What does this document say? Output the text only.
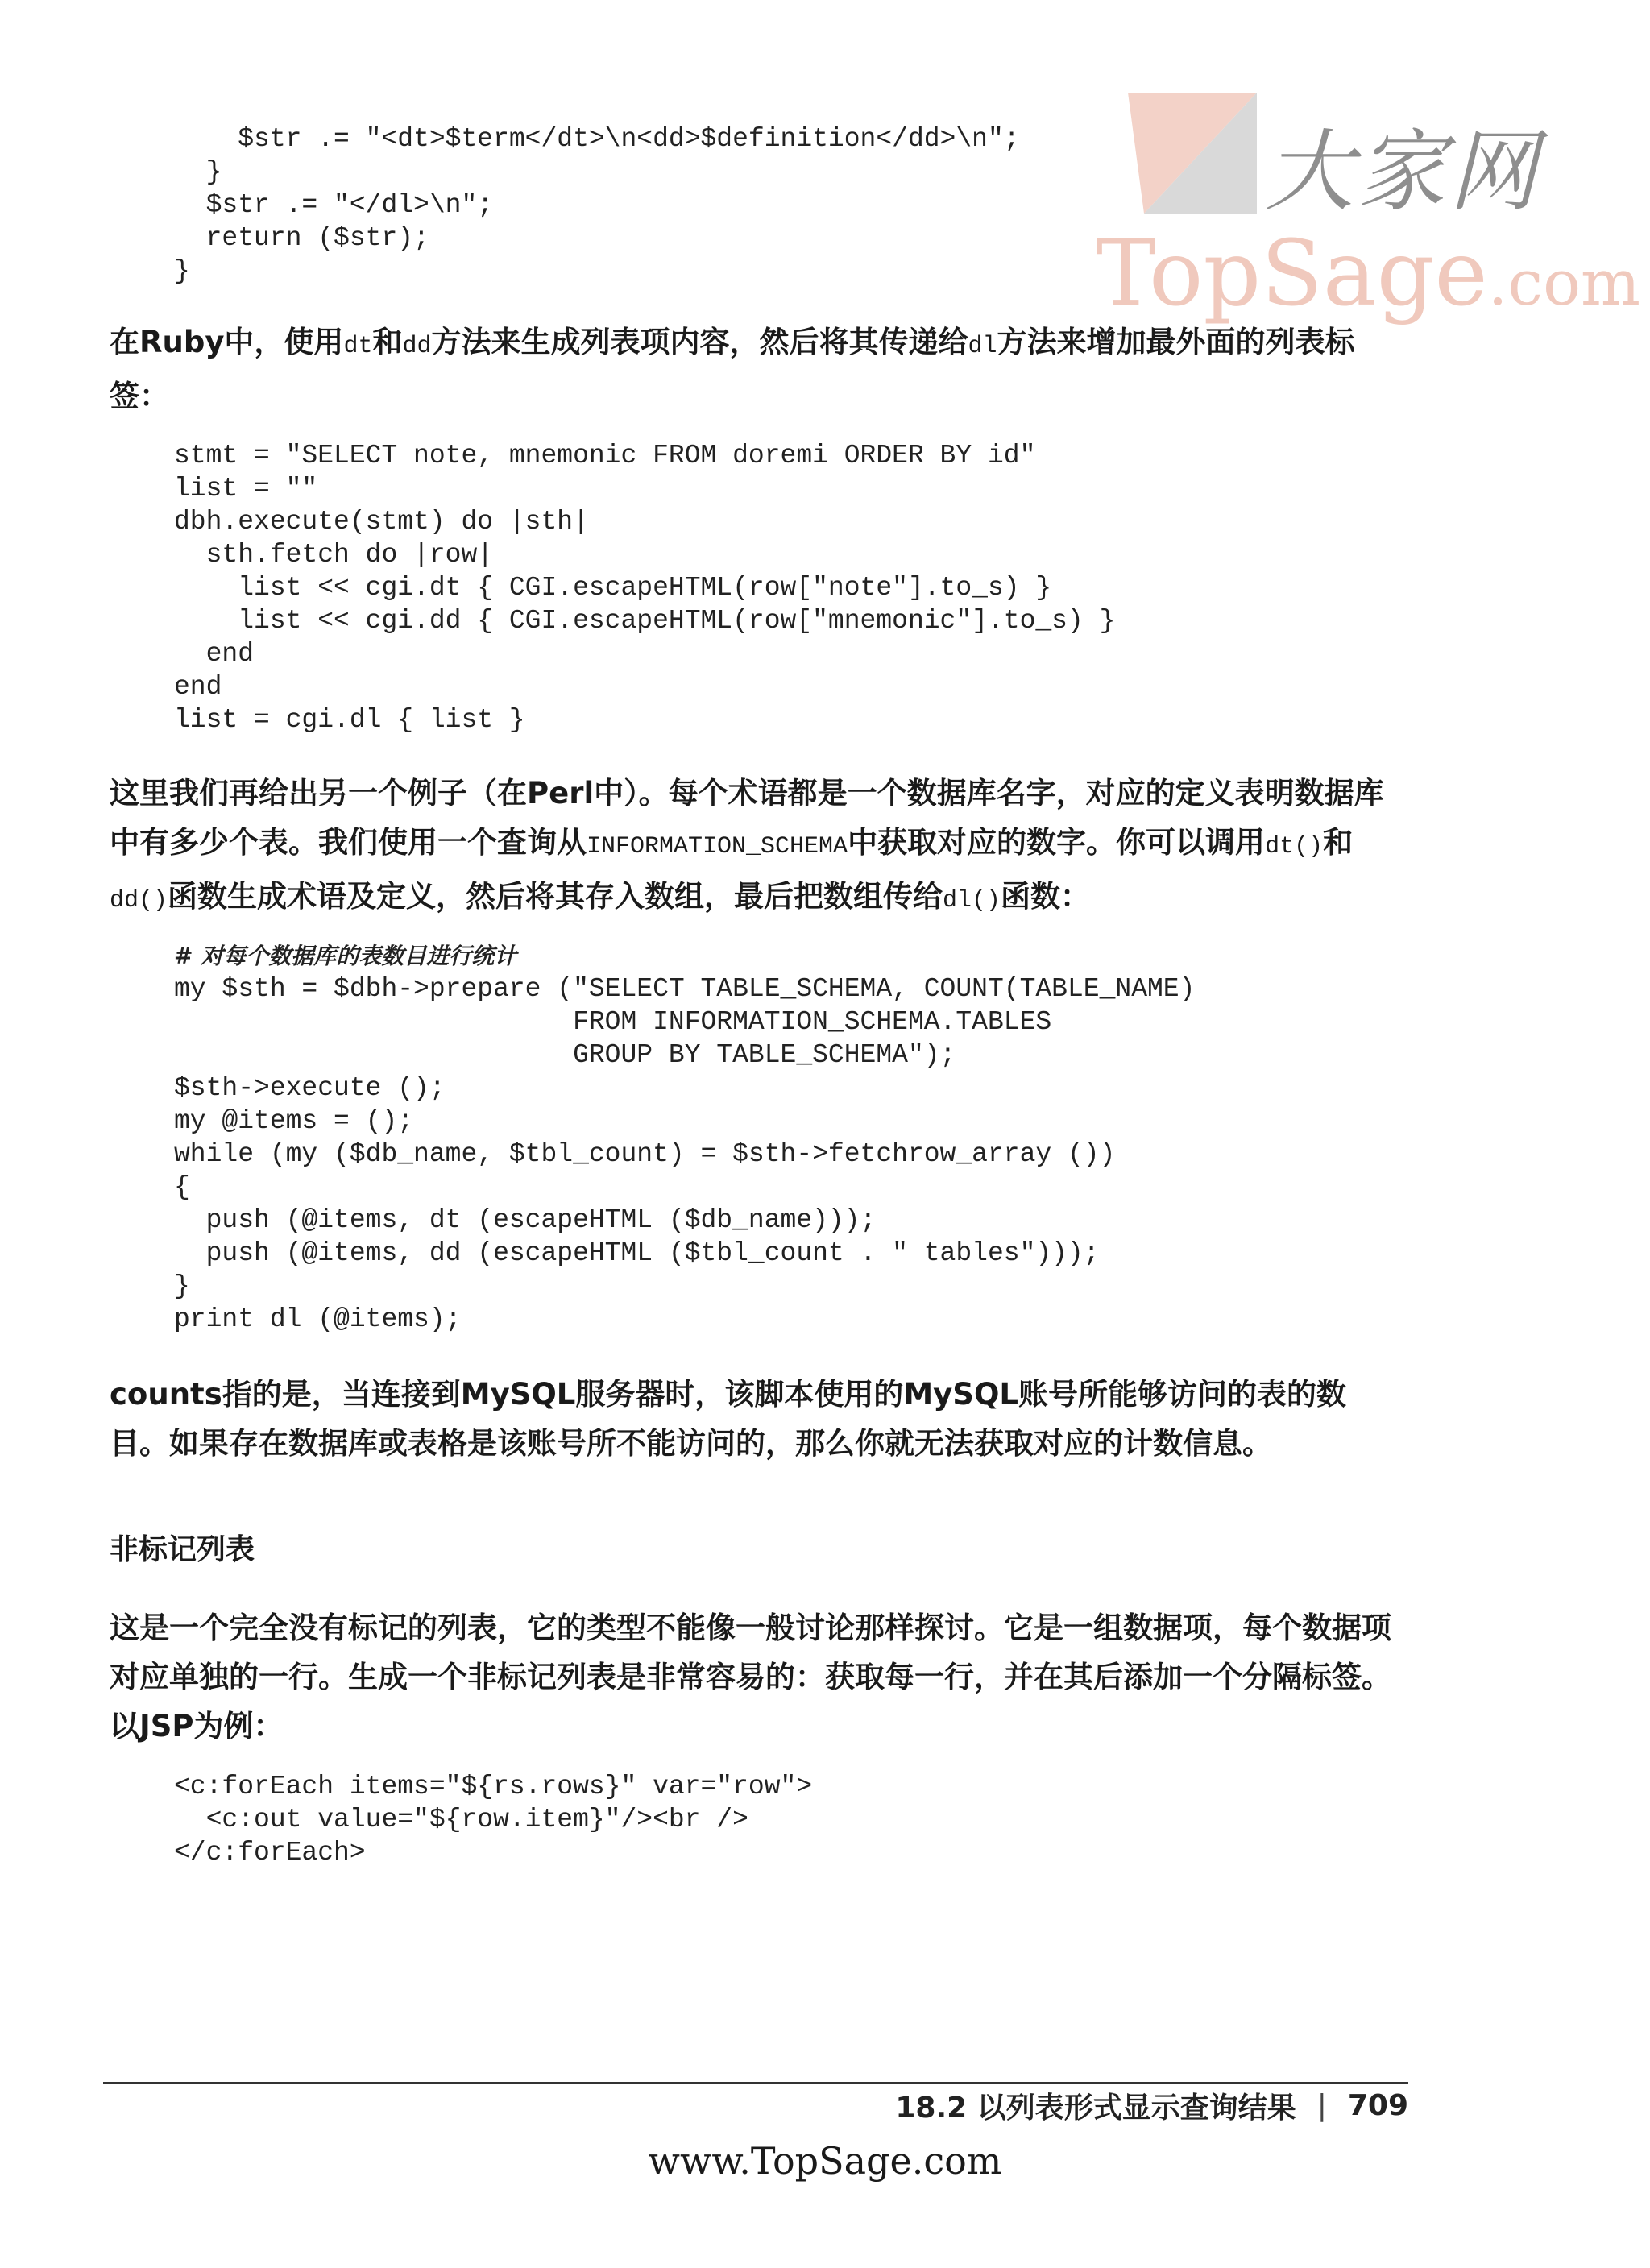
大家网
TopSage.com
$str .= "<dt>$term</dt>\n<dd>$definition</dd>\n";
}
$str .= "</dl>\n";
return ($str);
}

在Ruby中，使用dt和dd方法来生成列表项内容，然后将其传递给dl方法来增加最外面的列表标签：

stmt = "SELECT note, mnemonic FROM doremi ORDER BY id"
list = ""
dbh.execute(stmt) do |sth|
sth.fetch do |row|
list << cgi.dt { CGI.escapeHTML(row["note"].to_s) }
list << cgi.dd { CGI.escapeHTML(row["mnemonic"].to_s) }
end
end
list = cgi.dl { list }

这里我们再给出另一个例子（在Perl中）。每个术语都是一个数据库名字，对应的定义表明数据库中有多少个表。我们使用一个查询从INFORMATION_SCHEMA中获取对应的数字。你可以调用dt()和dd()函数生成术语及定义，然后将其存入数组，最后把数组传给dl()函数：

# 对每个数据库的表数目进行统计
my $sth = $dbh->prepare ("SELECT TABLE_SCHEMA, COUNT(TABLE_NAME)
FROM INFORMATION_SCHEMA.TABLES
GROUP BY TABLE_SCHEMA");
$sth->execute ();
my @items = ();
while (my ($db_name, $tbl_count) = $sth->fetchrow_array ())
{
push (@items, dt (escapeHTML ($db_name)));
push (@items, dd (escapeHTML ($tbl_count . " tables")));
}
print dl (@items);

counts指的是，当连接到MySQL服务器时，该脚本使用的MySQL账号所能够访问的表的数目。如果存在数据库或表格是该账号所不能访问的，那么你就无法获取对应的计数信息。

非标记列表

这是一个完全没有标记的列表，它的类型不能像一般讨论那样探讨。它是一组数据项，每个数据项对应单独的一行。生成一个非标记列表是非常容易的：获取每一行，并在其后添加一个分隔标签。以JSP为例：

<c:forEach items="${rs.rows}" var="row">
<c:out value="${row.item}"/><br />
</c:forEach>
18.2 以列表形式显示查询结果 | 709
www.TopSage.com
